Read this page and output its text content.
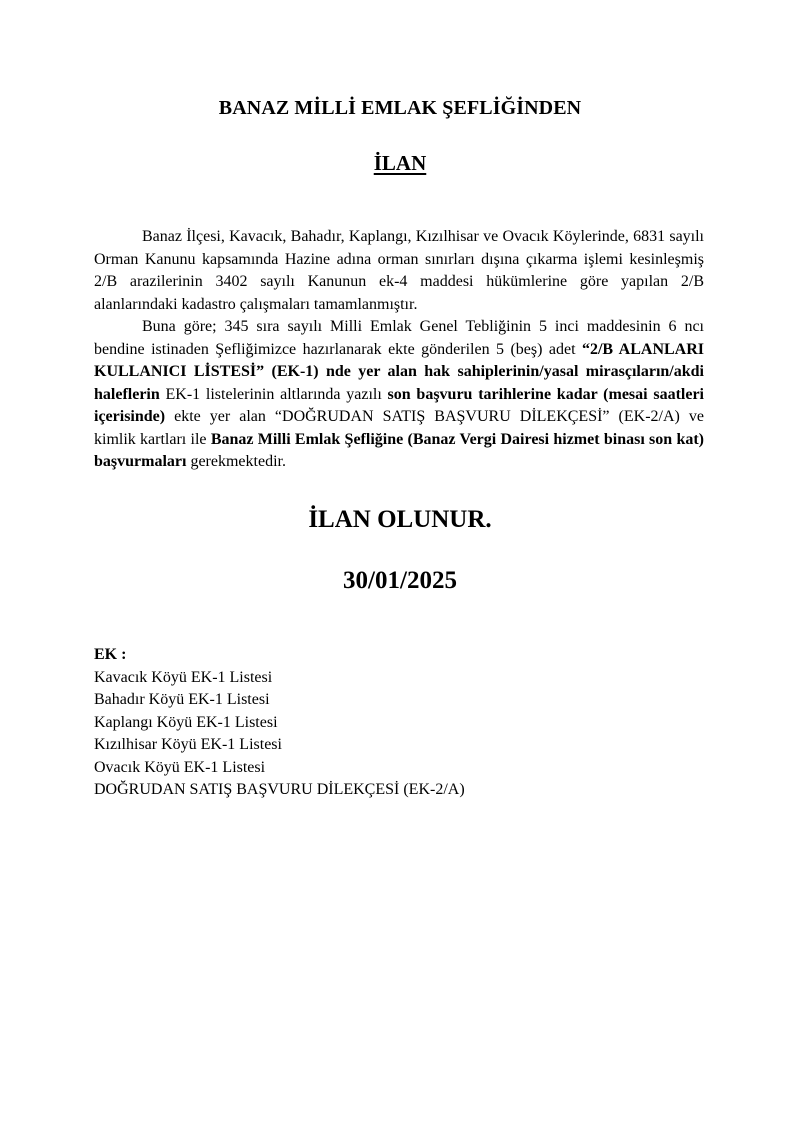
BANAZ MİLLİ EMLAK ŞEFLİĞİNDEN
İLAN

Banaz İlçesi, Kavacık, Bahadır, Kaplangı, Kızılhisar ve Ovacık Köylerinde, 6831 sayılı Orman Kanunu kapsamında Hazine adına orman sınırları dışına çıkarma işlemi kesinleşmiş 2/B arazilerinin 3402 sayılı Kanunun ek-4 maddesi hükümlerine göre yapılan 2/B alanlarındaki kadastro çalışmaları tamamlanmıştır.

Buna göre; 345 sıra sayılı Milli Emlak Genel Tebliğinin 5 inci maddesinin 6 ncı bendine istinaden Şefliğimizce hazırlanarak ekte gönderilen 5 (beş) adet “2/B ALANLARI KULLANICI LİSTESİ” (EK-1) nde yer alan hak sahiplerinin/yasal mirasçıların/akdi haleflerin EK-1 listelerinin altlarında yazılı son başvuru tarihlerine kadar (mesai saatleri içerisinde) ekte yer alan “DOĞRUDAN SATIŞ BAŞVURU DİLEKÇESİ” (EK-2/A) ve kimlik kartları ile Banaz Milli Emlak Şefliğine (Banaz Vergi Dairesi hizmet binası son kat) başvurmaları gerekmektedir.

İLAN OLUNUR.
30/01/2025

EK :

Kavacık Köyü EK-1 Listesi
Bahadır Köyü EK-1 Listesi
Kaplangı Köyü EK-1 Listesi
Kızılhisar Köyü EK-1 Listesi
Ovacık Köyü EK-1 Listesi
DOĞRUDAN SATIŞ BAŞVURU DİLEKÇESİ (EK-2/A)
